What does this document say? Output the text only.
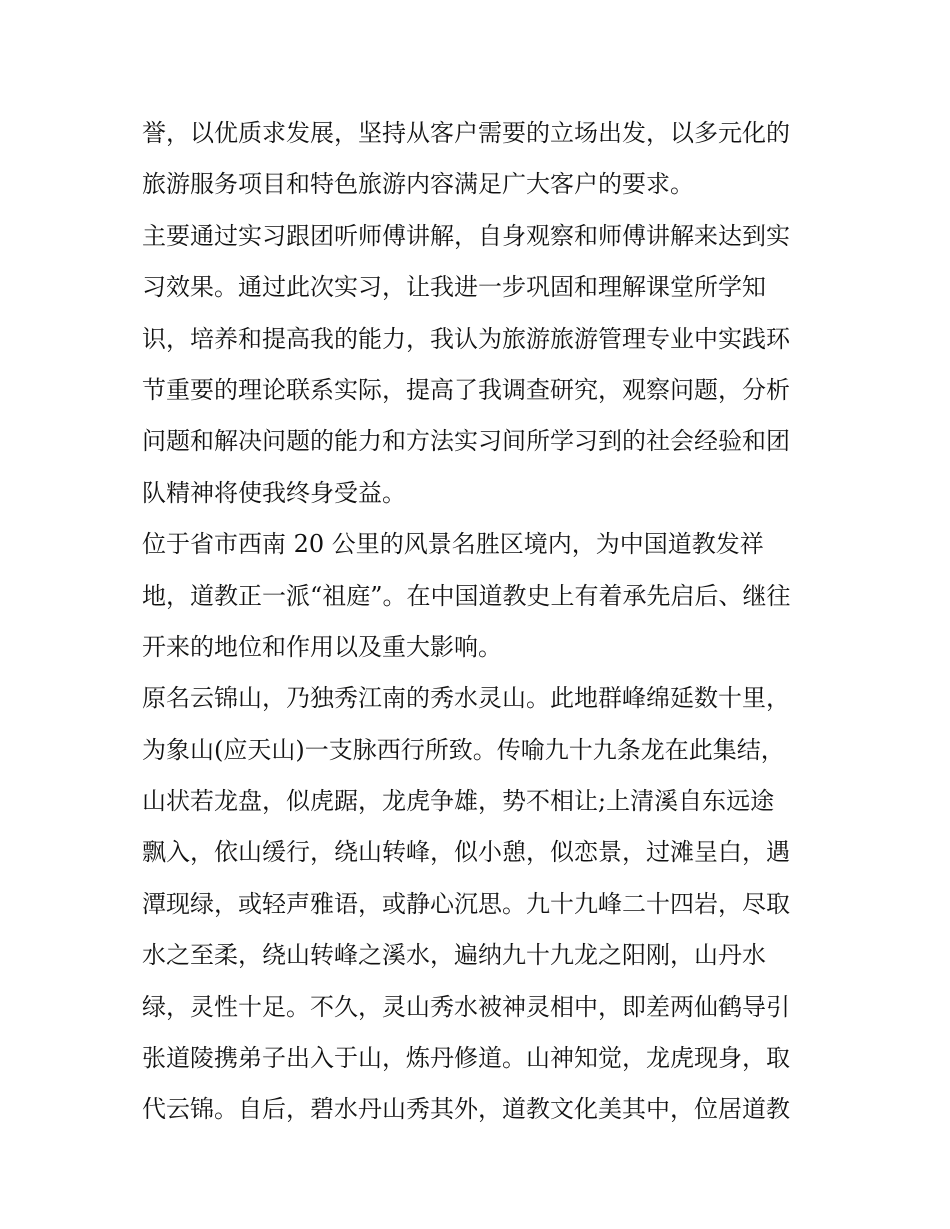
誉，以优质求发展，坚持从客户需要的立场出发，以多元化的
旅游服务项目和特色旅游内容满足广大客户的要求。
主要通过实习跟团听师傅讲解，自身观察和师傅讲解来达到实
习效果。通过此次实习，让我进一步巩固和理解课堂所学知
识，培养和提高我的能力，我认为旅游旅游管理专业中实践环
节重要的理论联系实际，提高了我调查研究，观察问题，分析
问题和解决问题的能力和方法实习间所学习到的社会经验和团
队精神将使我终身受益。
位于省市西南 20 公里的风景名胜区境内，为中国道教发祥
地，道教正一派“祖庭”。在中国道教史上有着承先启后、继往
开来的地位和作用以及重大影响。
原名云锦山，乃独秀江南的秀水灵山。此地群峰绵延数十里，
为象山(应天山)一支脉西行所致。传喻九十九条龙在此集结，
山状若龙盘，似虎踞，龙虎争雄，势不相让;上清溪自东远途
飘入，依山缓行，绕山转峰，似小憩，似恋景，过滩呈白，遇
潭现绿，或轻声雅语，或静心沉思。九十九峰二十四岩，尽取
水之至柔，绕山转峰之溪水，遍纳九十九龙之阳刚，山丹水
绿，灵性十足。不久，灵山秀水被神灵相中，即差两仙鹤导引
张道陵携弟子出入于山，炼丹修道。山神知觉，龙虎现身，取
代云锦。自后，碧水丹山秀其外，道教文化美其中，位居道教
